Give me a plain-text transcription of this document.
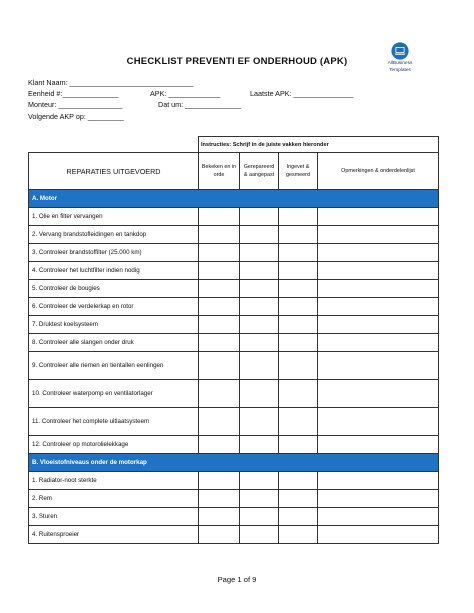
CHECKLIST PREVENTI EF ONDERHOUD (APK)	AllBusiness
Templates
Klant Naam: _______________________________
Eenheid #:______________	APK: _____________	Laatste APK: _______________
Monteur: ________________	Dat um: ______________
Volgende AKP op: _________
	Instructies: Schrijf in de juiste vakken hieronder			
REPARATIES UITGEVOERD	Bekeken en in orde	Gerepareerd & aangepast	Ingevet & gesmeerd	Opmerkingen & onderdelenlijst
A. Motor				
1. Olie en filter vervangen				
2. Vervang brandstofleidingen en tankdop				
3. Controleer brandstoffilter (25.000 km)				
4. Controleer het luchtfilter indien nodig				
5. Controleer de bougies				
6. Controleer de verdelerkap en rotor				
7. Druktest koelsysteem				
8. Controleer alle slangen onder druk				
9. Controleer alle riemen en tientallen eenlingen				
10. Controleer waterpomp en ventilatorlager				
11. Controleer het complete uitlaatsysteem				
12. Controleer op motorolielekkage				
B. Vloeistofniveaus onder de motorkap				
1. Radiator-noot sterkte				
2. Rem				
3. Sturen				
4. Ruitensproeier				
Page 1 of 9
